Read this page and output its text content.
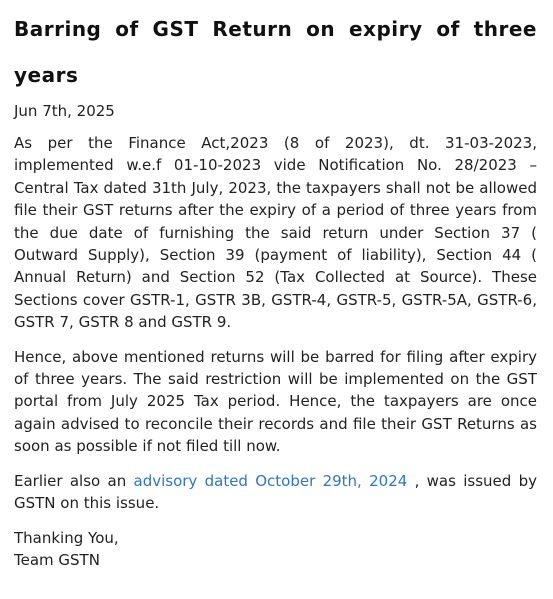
Barring of GST Return on expiry of three years
Jun 7th, 2025

As per the Finance Act,2023 (8 of 2023), dt. 31-03-2023, implemented w.e.f 01-10-2023 vide Notification No. 28/2023 – Central Tax dated 31th July, 2023, the taxpayers shall not be allowed file their GST returns after the expiry of a period of three years from the due date of furnishing the said return under Section 37 ( Outward Supply), Section 39 (payment of liability), Section 44 ( Annual Return) and Section 52 (Tax Collected at Source). These Sections cover GSTR-1, GSTR 3B, GSTR-4, GSTR-5, GSTR-5A, GSTR-6, GSTR 7, GSTR 8 and GSTR 9.

Hence, above mentioned returns will be barred for filing after expiry of three years. The said restriction will be implemented on the GST portal from July 2025 Tax period. Hence, the taxpayers are once again advised to reconcile their records and file their GST Returns as soon as possible if not filed till now.

Earlier also an advisory dated October 29th, 2024 , was issued by GSTN on this issue.

Thanking You,
Team GSTN
